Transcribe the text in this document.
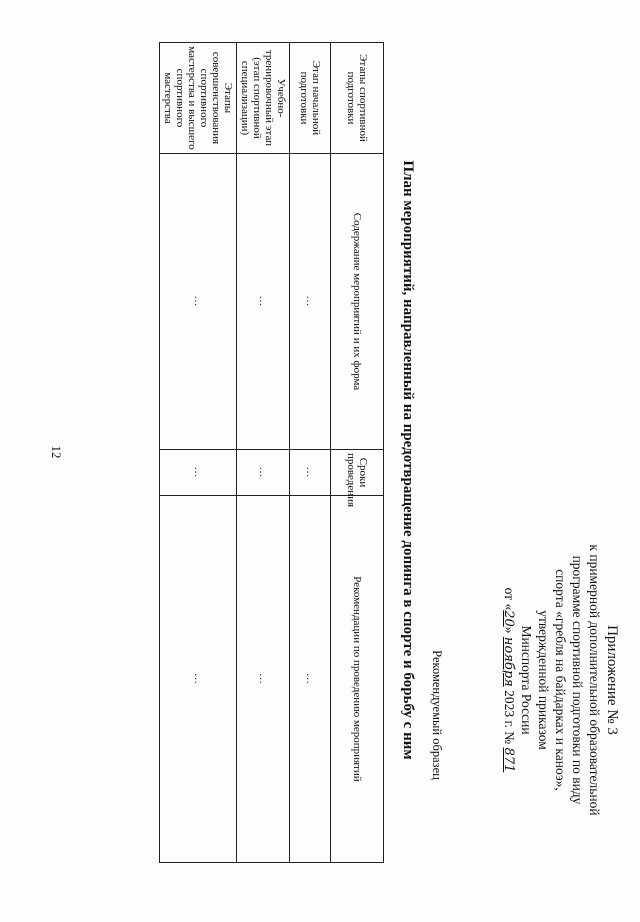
12
Приложение № 3
к примерной дополнительной образовательной
программе спортивной подготовки по виду
спорта «гребля на байдарках и каноэ»,
утвержденной приказом
Минспорта России
от «20» ноября 2023 г. № 871
Рекомендуемый образец
План мероприятий, направленный на предотвращение допинга в спорте и борьбу с ним
Этапы спортивной подготовки	Содержание мероприятий и их форма	Сроки проведения	Рекомендации по проведению мероприятий
Этап начальной подготовки	…	…	…
Учебно-тренировочный этап (этап спортивной специализации)	…	…	…
Этапы совершенствования спортивного мастерства и высшего спортивного мастерства	…	…	…
